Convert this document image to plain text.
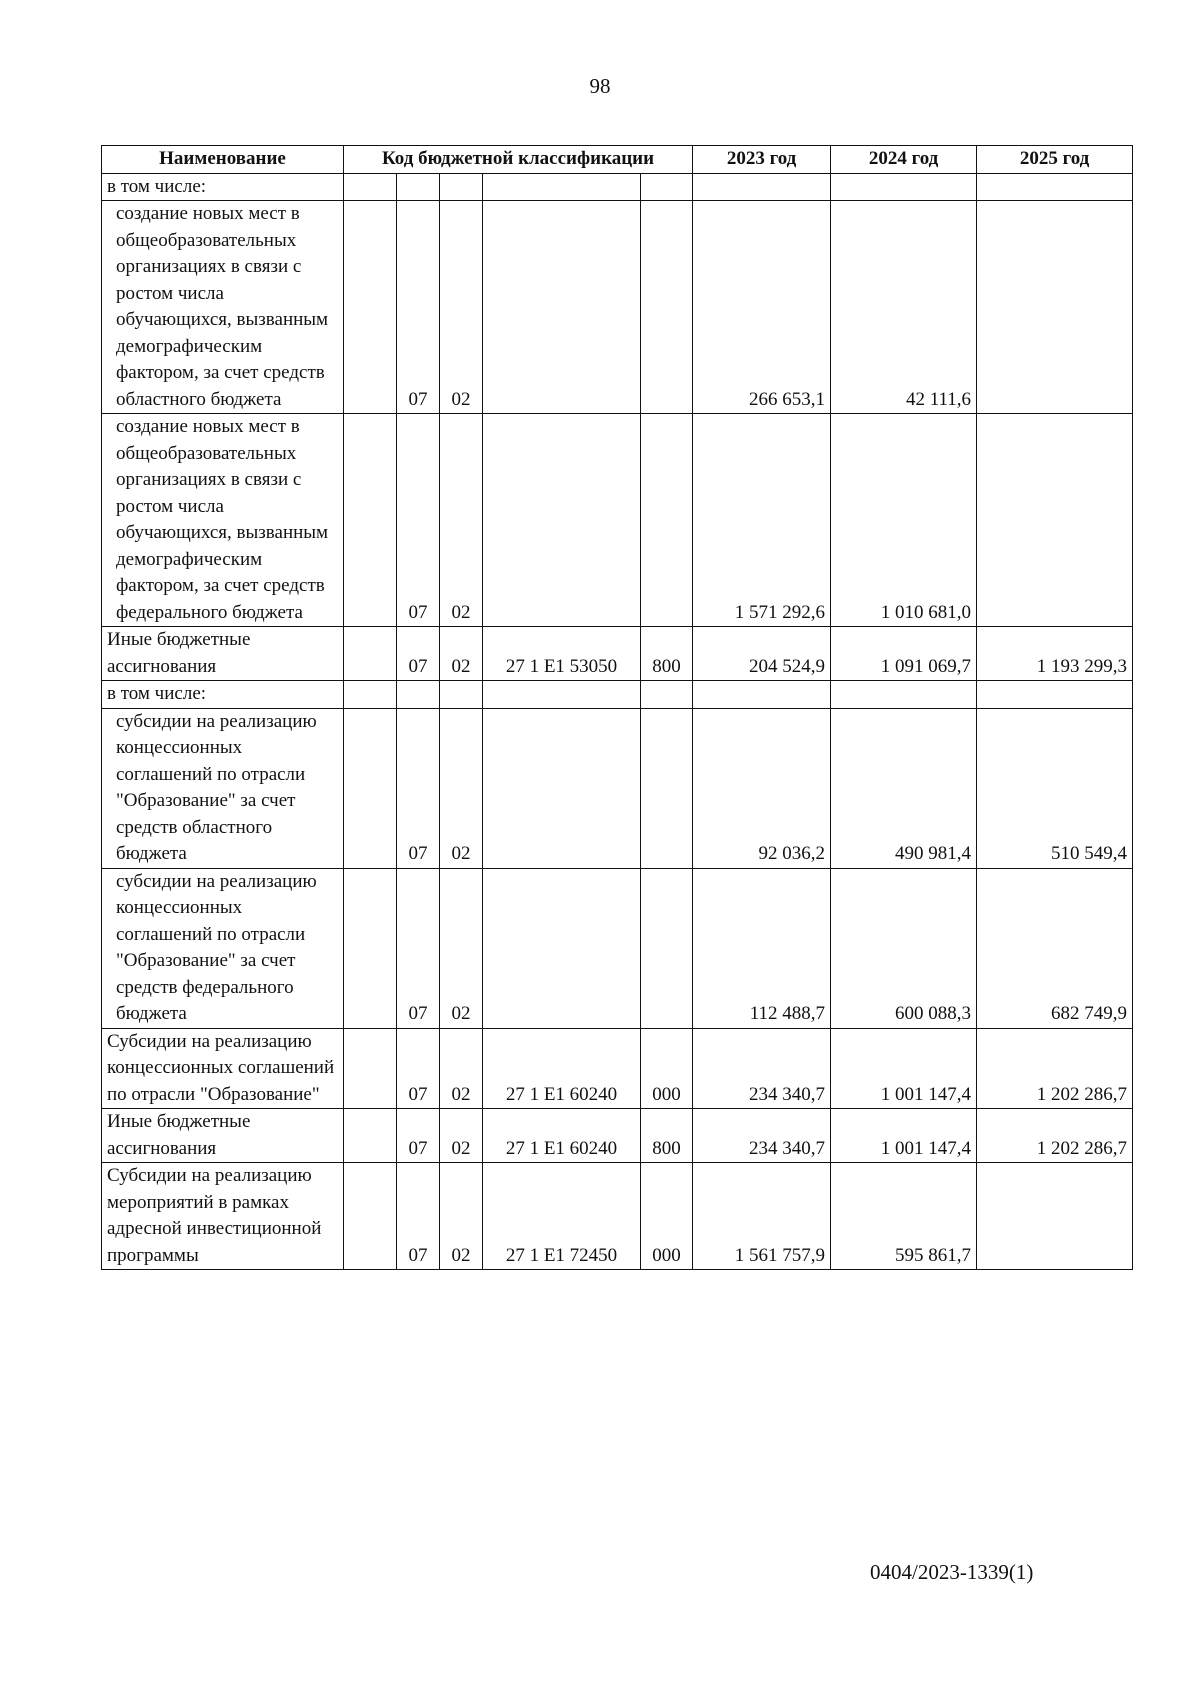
98
Наименование	Код бюджетной классификации					2023 год	2024 год	2025 год
в том числе:								
создание новых мест в общеобразовательных организациях в связи с ростом числа обучающихся, вызванным демографическим фактором, за счет средств областного бюджета		07	02			266 653,1	42 111,6	
создание новых мест в общеобразовательных организациях в связи с ростом числа обучающихся, вызванным демографическим фактором, за счет средств федерального бюджета		07	02			1 571 292,6	1 010 681,0	
Иные бюджетные ассигнования		07	02	27 1 E1 53050	800	204 524,9	1 091 069,7	1 193 299,3
в том числе:								
субсидии на реализацию концессионных соглашений по отрасли "Образование" за счет средств областного бюджета		07	02			92 036,2	490 981,4	510 549,4
субсидии на реализацию концессионных соглашений по отрасли "Образование" за счет средств федерального бюджета		07	02			112 488,7	600 088,3	682 749,9
Субсидии на реализацию концессионных соглашений по отрасли "Образование"		07	02	27 1 E1 60240	000	234 340,7	1 001 147,4	1 202 286,7
Иные бюджетные ассигнования		07	02	27 1 E1 60240	800	234 340,7	1 001 147,4	1 202 286,7
Субсидии на реализацию мероприятий в рамках адресной инвестиционной программы		07	02	27 1 E1 72450	000	1 561 757,9	595 861,7	
0404/2023-1339(1)
